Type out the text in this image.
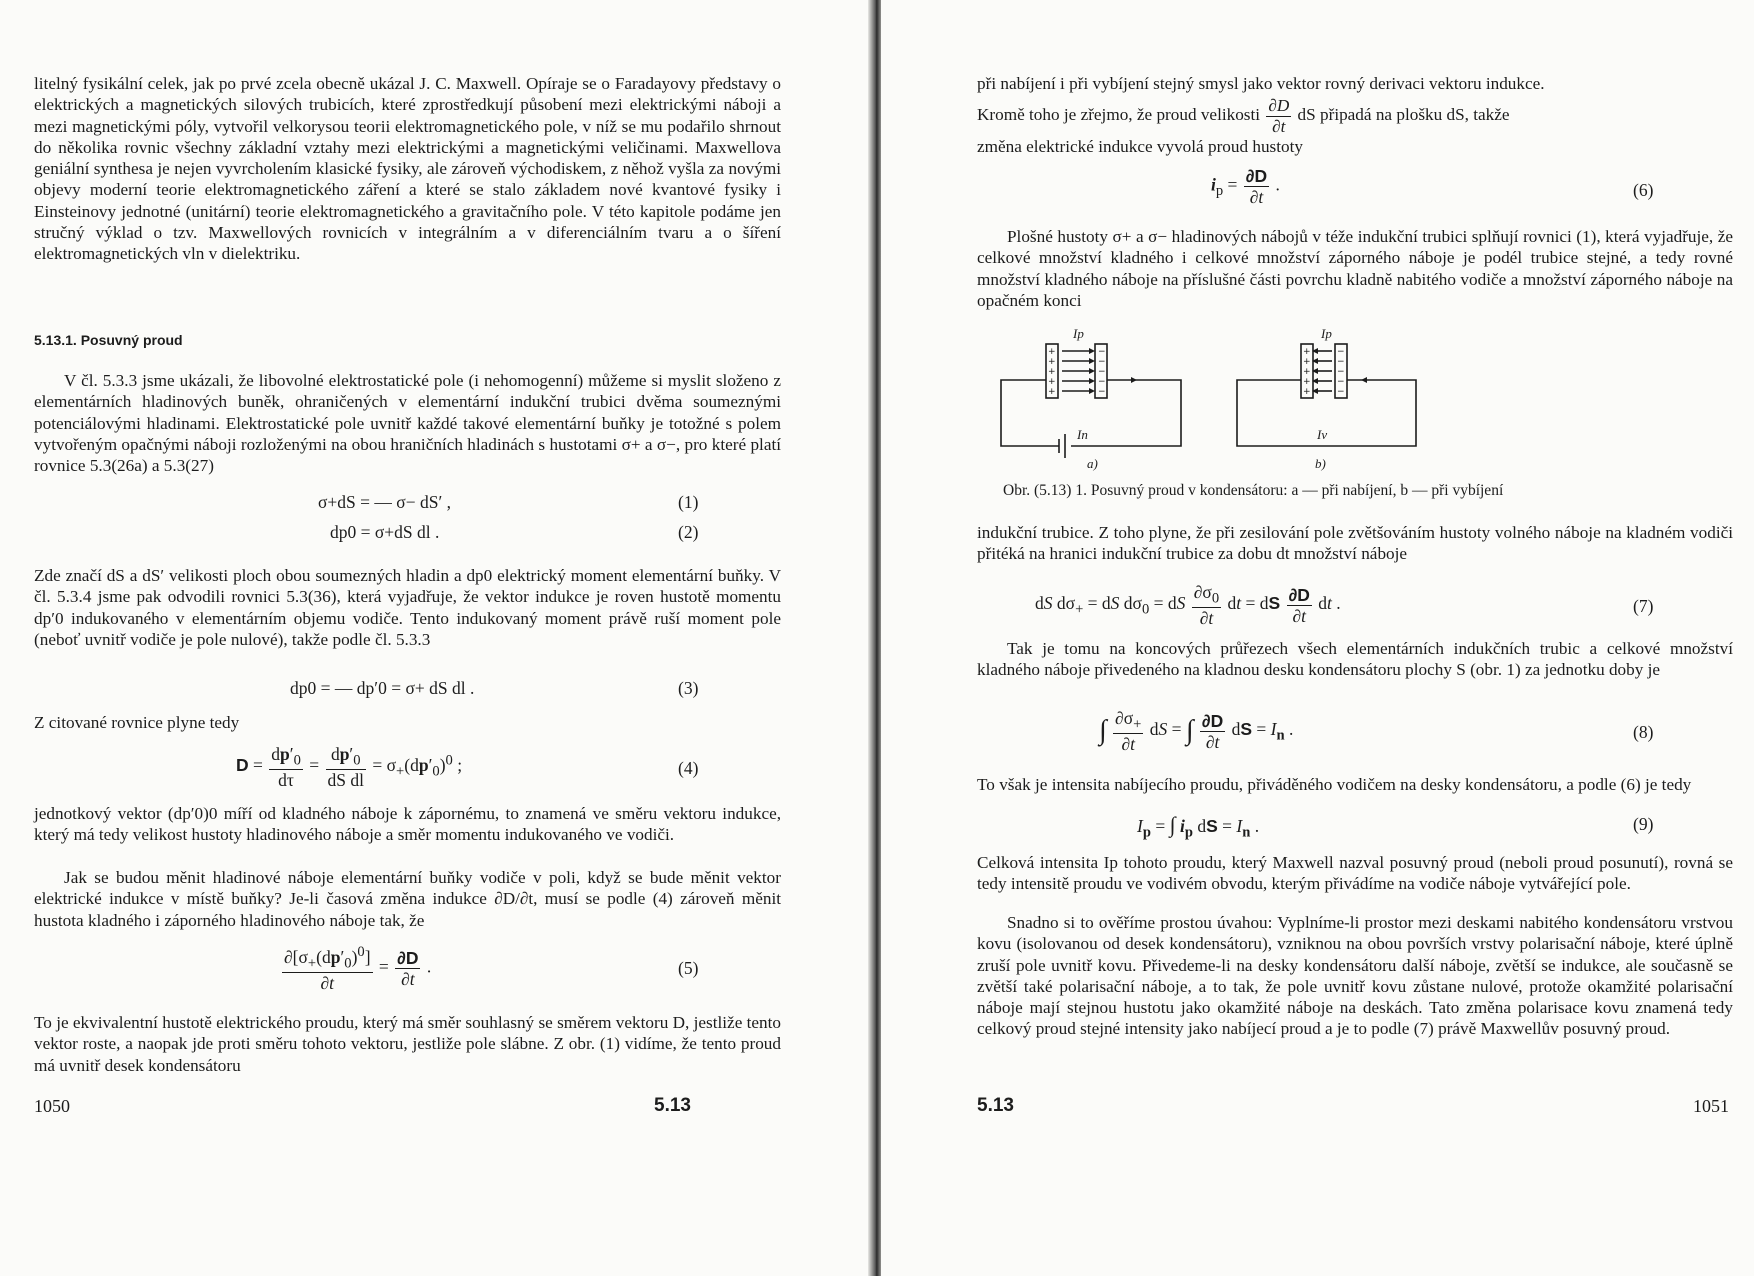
litelný fysikální celek, jak po prvé zcela obecně ukázal J. C. Maxwell. Opíraje se o Faradayovy představy o elektrických a magnetických silových trubicích, které zprostředkují působení mezi elektrickými náboji a mezi magnetickými póly, vytvořil velkorysou teorii elektromagnetického pole, v níž se mu podařilo shrnout do několika rovnic všechny základní vztahy mezi elektrickými a magnetickými veličinami. Maxwellova geniální synthesa je nejen vyvrcholením klasické fysiky, ale zároveň východiskem, z něhož vyšla za novými objevy moderní teorie elektromagnetického záření a které se stalo základem nové kvantové fysiky i Einsteinovy jednotné (unitární) teorie elektromagnetického a gravitačního pole. V této kapitole podáme jen stručný výklad o tzv. Maxwellových rovnicích v integrálním a v diferenciálním tvaru a o šíření elektromagnetických vln v dielektriku.

5.13.1. Posuvný proud

V čl. 5.3.3 jsme ukázali, že libovolné elektrostatické pole (i nehomogenní) můžeme si myslit složeno z elementárních hladinových buněk, ohraničených v elementární indukční trubici dvěma soumeznými potenciálovými hladinami. Elektrostatické pole uvnitř každé takové elementární buňky je totožné s polem vytvořeným opačnými náboji rozloženými na obou hraničních hladinách s hustotami σ+ a σ−, pro které platí rovnice 5.3(26a) a 5.3(27)

σ+dS = — σ− dS′ ,	(1)
dp0 = σ+dS dl .	(2)

Zde značí dS a dS′ velikosti ploch obou soumezných hladin a dp0 elektrický moment elementární buňky. V čl. 5.3.4 jsme pak odvodili rovnici 5.3(36), která vyjadřuje, že vektor indukce je roven hustotě momentu dp′0 indukovaného v elementárním objemu vodiče. Tento indukovaný moment právě ruší moment pole (neboť uvnitř vodiče je pole nulové), takže podle čl. 5.3.3

dp0 = — dp′0 = σ+ dS dl .	(3)

Z citované rovnice plyne tedy

$D = \frac{dp'_0}{d\tau} = \frac{dp'_0}{\text{dS dl}} = \sigma_+(dp'_0)^0$ ;	(4)

jednotkový vektor (dp′0)0 míří od kladného náboje k zápornému, to znamená ve směru vektoru indukce, který má tedy velikost hustoty hladinového náboje a směr momentu indukovaného ve vodiči.

Jak se budou měnit hladinové náboje elementární buňky vodiče v poli, když se bude měnit vektor elektrické indukce v místě buňky? Je-li časová změna indukce ∂D/∂t, musí se podle (4) zároveň měnit hustota kladného i záporného hladinového náboje tak, že

$\frac{\partial[\sigma_+(dp'_0)^0]}{\partial t} = \frac{\partial D}{\partial t}$ .	(5)

To je ekvivalentní hustotě elektrického proudu, který má směr souhlasný se směrem vektoru D, jestliže tento vektor roste, a naopak jde proti směru tohoto vektoru, jestliže pole slábne. Z obr. (1) vidíme, že tento proud má uvnitř desek kondensátoru

1050	5.13
při nabíjení i při vybíjení stejný smysl jako vektor rovný derivaci vektoru indukce.
Kromě toho je zřejmo, že proud velikosti $\frac{\partial D}{\partial t}$ dS připadá na plošku dS, takže
změna elektrické indukce vyvolá proud hustoty
$i_p = \frac{\partial D}{\partial t}$ .	(6)

Plošné hustoty σ+ a σ− hladinových nábojů v téže indukční trubici splňují rovnici (1), která vyjadřuje, že celkové množství kladného i celkové množství záporného náboje je podél trubice stejné, a tedy rovné množství kladného náboje na příslušné části povrchu kladně nabitého vodiče a množství záporného náboje na opačném konci

+
+
+
+
+
−
−
−
−
−
+
+
+
+
+
−
−
−
−
−
Ip	Ip
In	Iv
a)	b)
Obr. (5.13) 1. Posuvný proud v kondensátoru: a — při nabíjení, b — při vybíjení

indukční trubice. Z toho plyne, že při zesilování pole zvětšováním hustoty volného náboje na kladném vodiči přitéká na hranici indukční trubice za dobu dt množství náboje

dS $d\sigma_+$ = dS $d\sigma_0$ = dS $\frac{\partial\sigma_0}{\partial t}$ dt = dS $\frac{\partial D}{\partial t}$ dt .	(7)

Tak je tomu na koncových průřezech všech elementárních indukčních trubic a celkové množství kladného náboje přivedeného na kladnou desku kondensátoru plochy S (obr. 1) za jednotku doby je

∫ $\frac{\partial\sigma_+}{\partial t}$ dS = ∫ $\frac{\partial D}{\partial t}$ dS = $I_n$ .	(8)

To však je intensita nabíjecího proudu, přiváděného vodičem na desky kondensátoru, a podle (6) je tedy

$I_p$ = ∫ $i_p$ dS = $I_n$ .	(9)

Celková intensita Ip tohoto proudu, který Maxwell nazval posuvný proud (neboli proud posunutí), rovná se tedy intensitě proudu ve vodivém obvodu, kterým přivádíme na vodiče náboje vytvářející pole.

Snadno si to ověříme prostou úvahou: Vyplníme-li prostor mezi deskami nabitého kondensátoru vrstvou kovu (isolovanou od desek kondensátoru), vzniknou na obou površích vrstvy polarisační náboje, které úplně zruší pole uvnitř kovu. Přivedeme-li na desky kondensátoru další náboje, zvětší se indukce, ale současně se zvětší také polarisační náboje, a to tak, že pole uvnitř kovu zůstane nulové, protože okamžité polarisační náboje mají stejnou hustotu jako okamžité náboje na deskách. Tato změna polarisace kovu znamená tedy celkový proud stejné intensity jako nabíjecí proud a je to podle (7) právě Maxwellův posuvný proud.

5.13	1051
